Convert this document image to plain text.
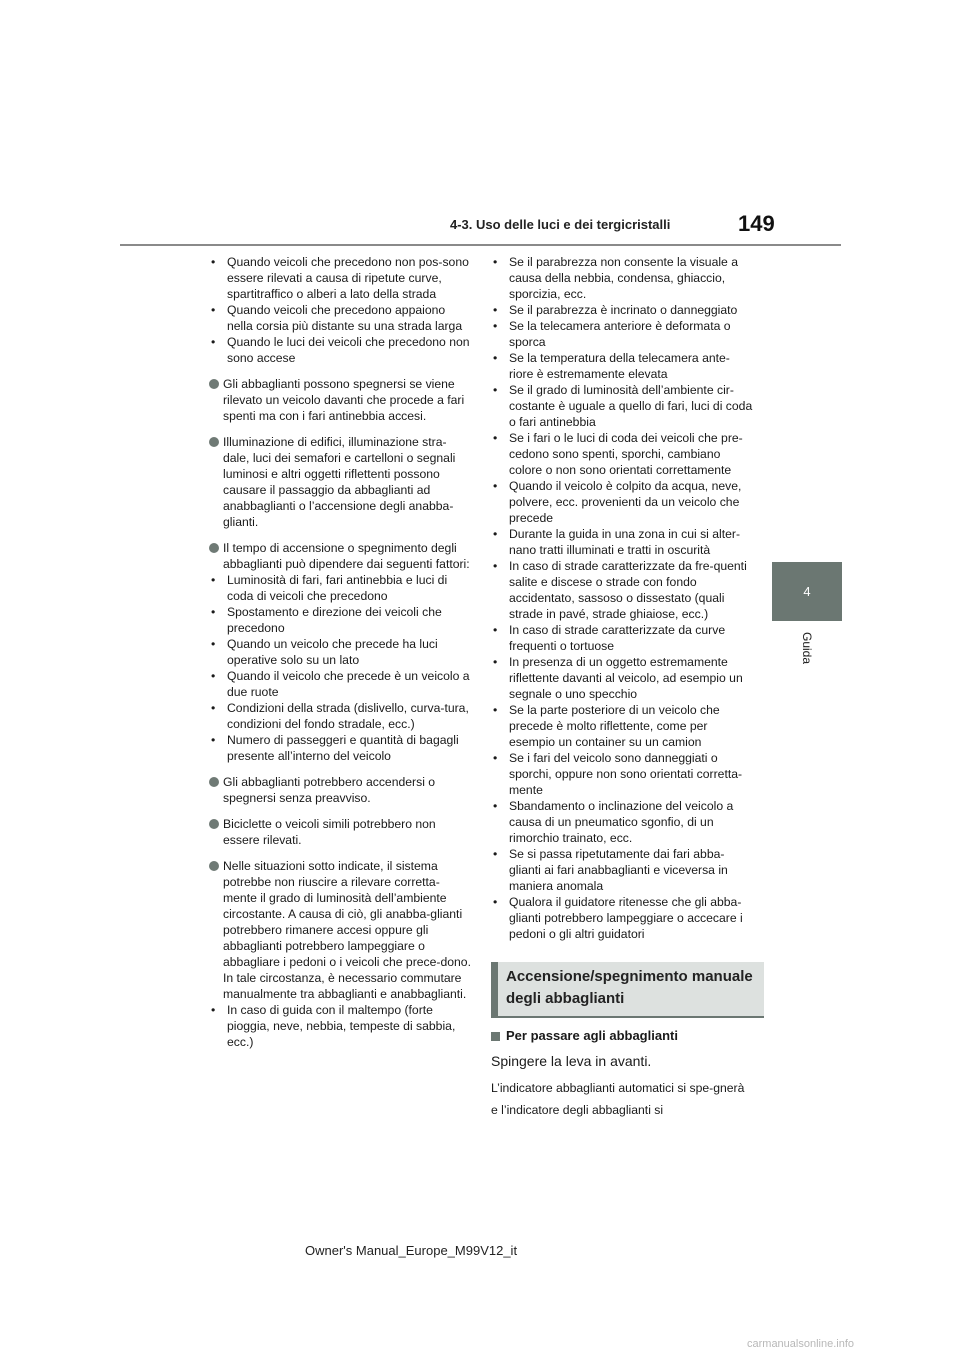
4-3. Uso delle luci e dei tergicristalli	149
4
Guida
• Quando veicoli che precedono non pos-sono essere rilevati a causa di ripetute curve, spartitraffico o alberi a lato della strada
• Quando veicoli che precedono appaiono nella corsia più distante su una strada larga
• Quando le luci dei veicoli che precedono non sono accese
Gli abbaglianti possono spegnersi se viene rilevato un veicolo davanti che procede a fari spenti ma con i fari antinebbia accesi.
Illuminazione di edifici, illuminazione stra-dale, luci dei semafori e cartelloni o segnali luminosi e altri oggetti riflettenti possono causare il passaggio da abbaglianti ad anabbaglianti o l’accensione degli anabba-glianti.
Il tempo di accensione o spegnimento degli abbaglianti può dipendere dai seguenti fattori:
• Luminosità di fari, fari antinebbia e luci di coda di veicoli che precedono
• Spostamento e direzione dei veicoli che precedono
• Quando un veicolo che precede ha luci operative solo su un lato
• Quando il veicolo che precede è un veicolo a due ruote
• Condizioni della strada (dislivello, curva-tura, condizioni del fondo stradale, ecc.)
• Numero di passeggeri e quantità di bagagli presente all’interno del veicolo
Gli abbaglianti potrebbero accendersi o spegnersi senza preavviso.
Biciclette o veicoli simili potrebbero non essere rilevati.
Nelle situazioni sotto indicate, il sistema potrebbe non riuscire a rilevare corretta-mente il grado di luminosità dell’ambiente circostante. A causa di ciò, gli anabba-glianti potrebbero rimanere accesi oppure gli abbaglianti potrebbero lampeggiare o abbagliare i pedoni o i veicoli che prece-dono. In tale circostanza, è necessario commutare manualmente tra abbaglianti e anabbaglianti.
• In caso di guida con il maltempo (forte pioggia, neve, nebbia, tempeste di sabbia, ecc.)
• Se il parabrezza non consente la visuale a causa della nebbia, condensa, ghiaccio, sporcizia, ecc.
• Se il parabrezza è incrinato o danneggiato
• Se la telecamera anteriore è deformata o sporca
• Se la temperatura della telecamera ante-riore è estremamente elevata
• Se il grado di luminosità dell’ambiente cir-costante è uguale a quello di fari, luci di coda o fari antinebbia
• Se i fari o le luci di coda dei veicoli che pre-cedono sono spenti, sporchi, cambiano colore o non sono orientati correttamente
• Quando il veicolo è colpito da acqua, neve, polvere, ecc. provenienti da un veicolo che precede
• Durante la guida in una zona in cui si alter-nano tratti illuminati e tratti in oscurità
• In caso di strade caratterizzate da fre-quenti salite e discese o strade con fondo accidentato, sassoso o dissestato (quali strade in pavé, strade ghiaiose, ecc.)
• In caso di strade caratterizzate da curve frequenti o tortuose
• In presenza di un oggetto estremamente riflettente davanti al veicolo, ad esempio un segnale o uno specchio
• Se la parte posteriore di un veicolo che precede è molto riflettente, come per esempio un container su un camion
• Se i fari del veicolo sono danneggiati o sporchi, oppure non sono orientati corretta-mente
• Sbandamento o inclinazione del veicolo a causa di un pneumatico sgonfio, di un rimorchio trainato, ecc.
• Se si passa ripetutamente dai fari abba-glianti ai fari anabbaglianti e viceversa in maniera anomala
• Qualora il guidatore ritenesse che gli abba-glianti potrebbero lampeggiare o accecare i pedoni o gli altri guidatori
Accensione/spegnimento manuale degli abbaglianti
Per passare agli abbaglianti
Spingere la leva in avanti.
L’indicatore abbaglianti automatici si spe-gnerà e l’indicatore degli abbaglianti si
Owner's Manual_Europe_M99V12_it
carmanualsonline.info
